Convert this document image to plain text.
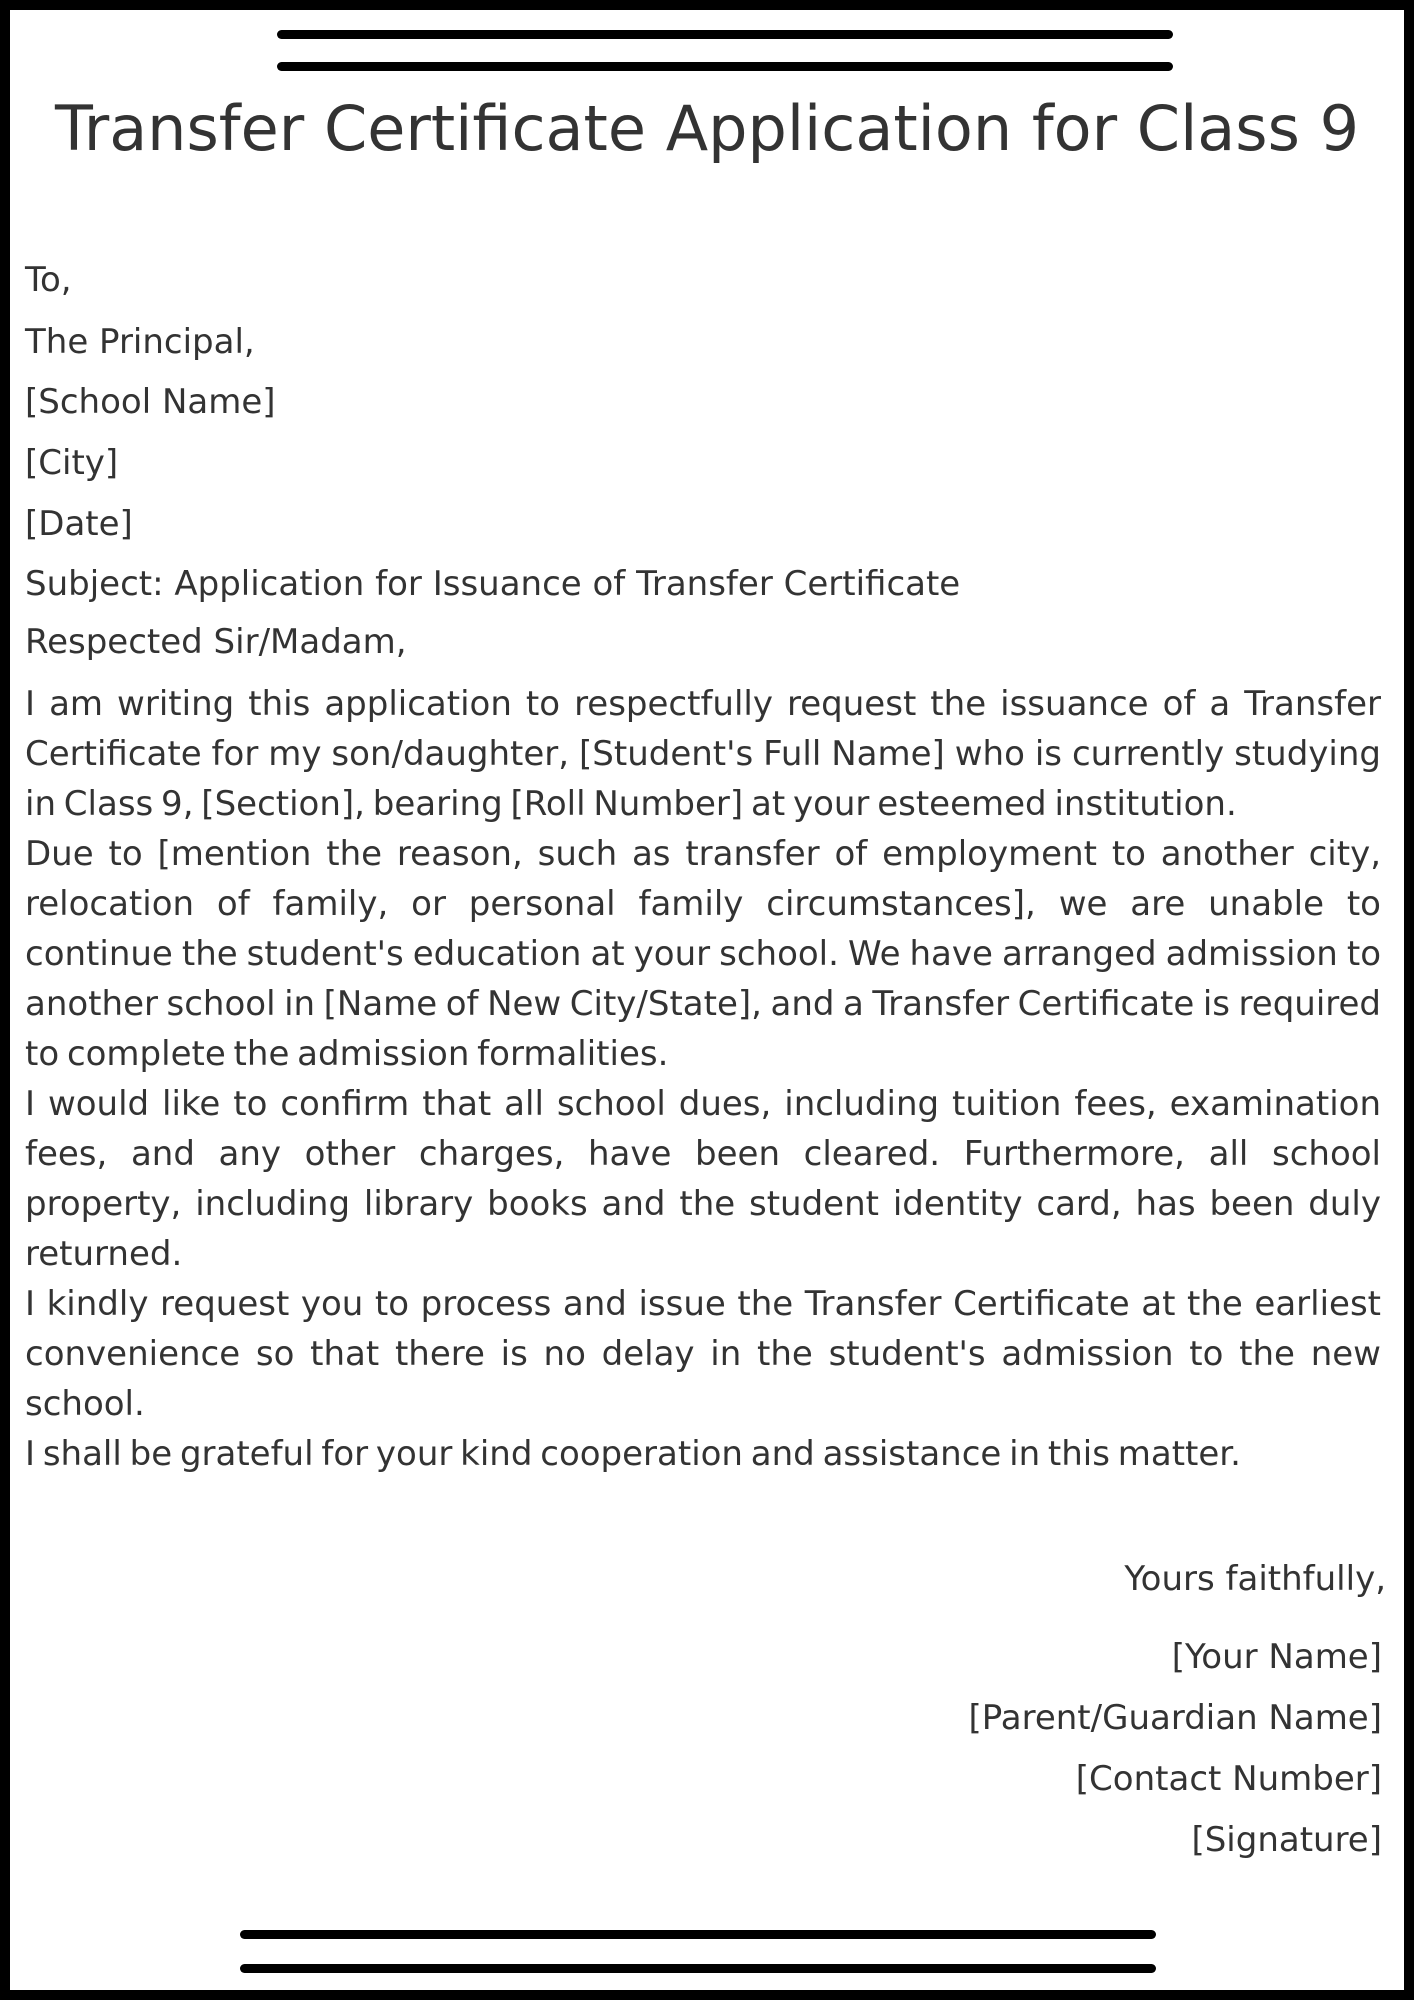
Transfer Certificate Application for Class 9

To,

The Principal,

[School Name]

[City]

[Date]

Subject: Application for Issuance of Transfer Certificate

Respected Sir/Madam,

I am writing this application to respectfully request the issuance of a Transfer Certificate for my son/daughter, [Student's Full Name] who is currently studying in Class 9, [Section], bearing [Roll Number] at your esteemed institution.

Due to [mention the reason, such as transfer of employment to another city, relocation of family, or personal family circumstances], we are unable to continue the student's education at your school. We have arranged admission to another school in [Name of New City/State], and a Transfer Certificate is required to complete the admission formalities.

I would like to confirm that all school dues, including tuition fees, examination fees, and any other charges, have been cleared. Furthermore, all school property, including library books and the student identity card, has been duly returned.

I kindly request you to process and issue the Transfer Certificate at the earliest convenience so that there is no delay in the student's admission to the new school.

I shall be grateful for your kind cooperation and assistance in this matter.

Yours faithfully,

[Your Name]

[Parent/Guardian Name]

[Contact Number]

[Signature]
